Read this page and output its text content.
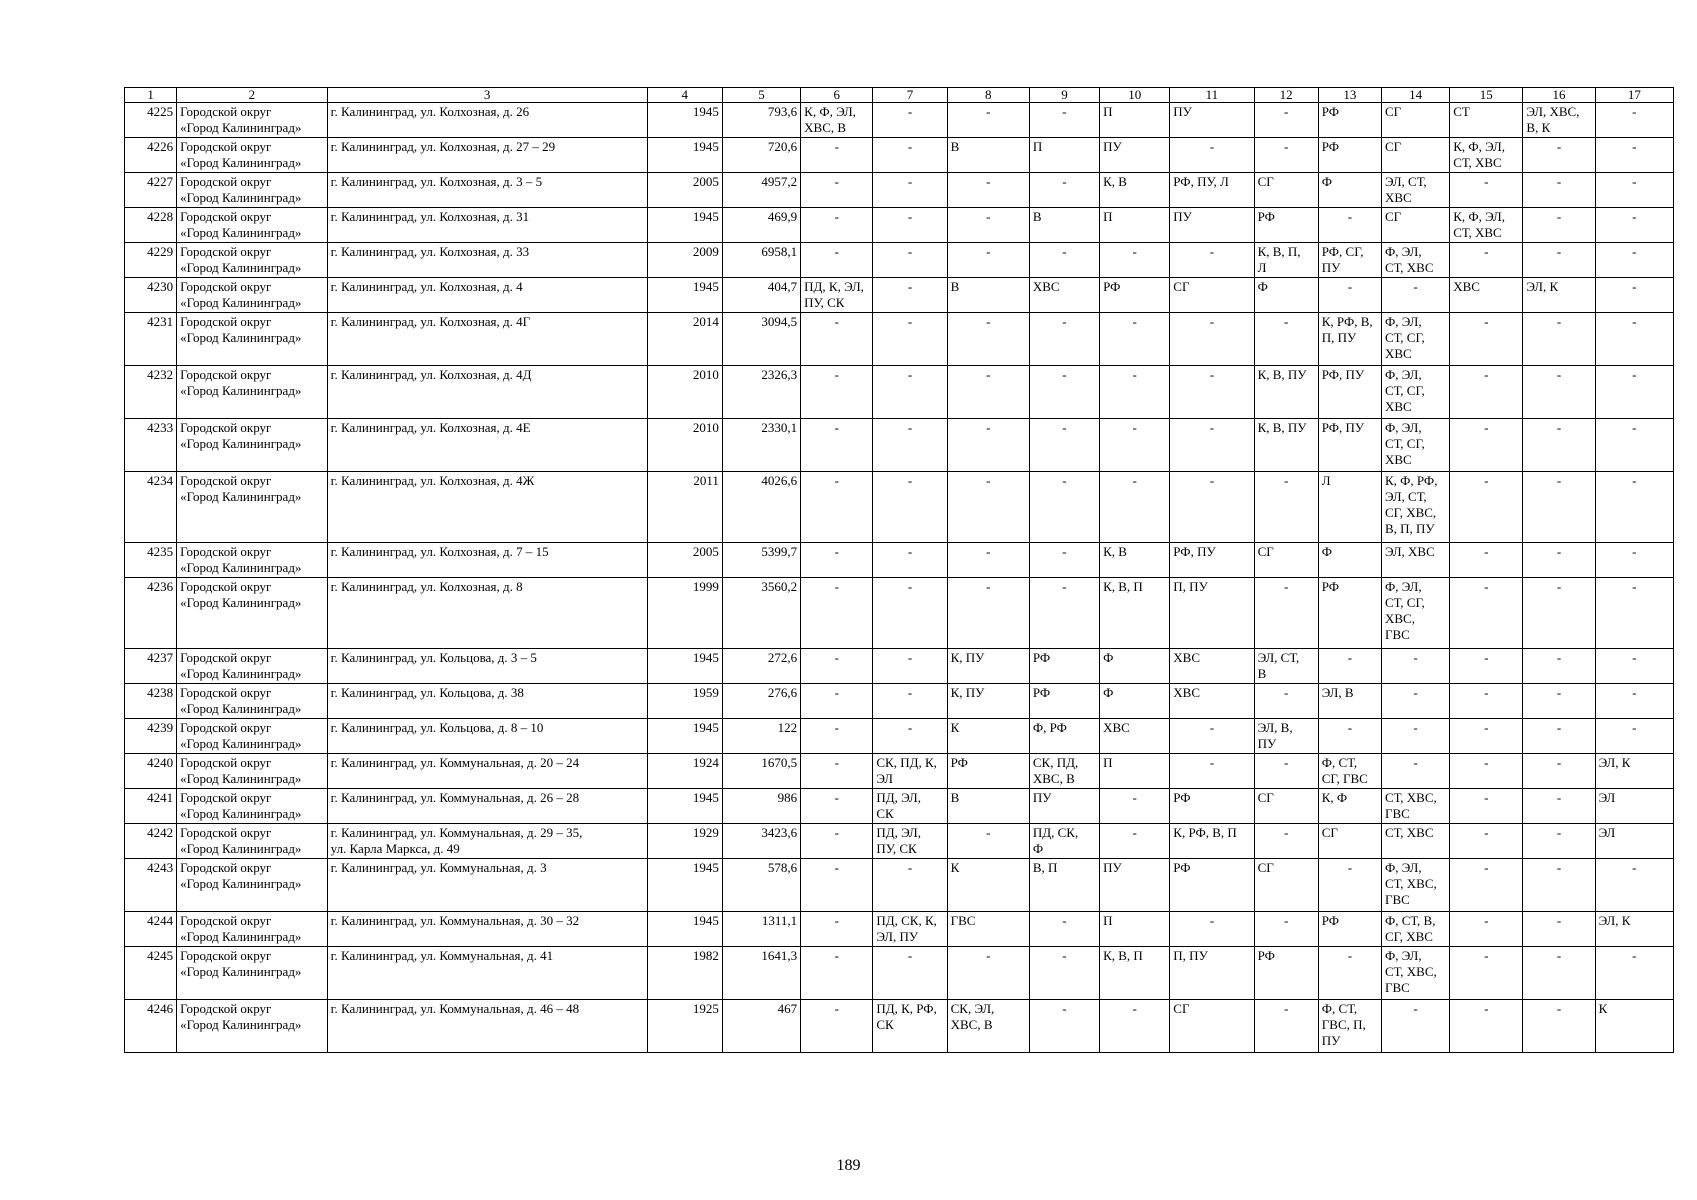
1	2	3	4	5	6	7	8	9	10	11	12	13	14	15	16	17
4225	Городской округ
«Город Калининград»	г. Калининград, ул. Колхозная, д. 26	1945	793,6	К, Ф, ЭЛ,
ХВС, В	-	-	-	П	ПУ	-	РФ	СГ	СТ	ЭЛ, ХВС,
В, К	-
4226	Городской округ
«Город Калининград»	г. Калининград, ул. Колхозная, д. 27 – 29	1945	720,6	-	-	В	П	ПУ	-	-	РФ	СГ	К, Ф, ЭЛ,
СТ, ХВС	-	-
4227	Городской округ
«Город Калининград»	г. Калининград, ул. Колхозная, д. 3 – 5	2005	4957,2	-	-	-	-	К, В	РФ, ПУ, Л	СГ	Ф	ЭЛ, СТ,
ХВС	-	-	-
4228	Городской округ
«Город Калининград»	г. Калининград, ул. Колхозная, д. 31	1945	469,9	-	-	-	В	П	ПУ	РФ	-	СГ	К, Ф, ЭЛ,
СТ, ХВС	-	-
4229	Городской округ
«Город Калининград»	г. Калининград, ул. Колхозная, д. 33	2009	6958,1	-	-	-	-	-	-	К, В, П,
Л	РФ, СГ,
ПУ	Ф, ЭЛ,
СТ, ХВС	-	-	-
4230	Городской округ
«Город Калининград»	г. Калининград, ул. Колхозная, д. 4	1945	404,7	ПД, К, ЭЛ,
ПУ, СК	-	В	ХВС	РФ	СГ	Ф	-	-	ХВС	ЭЛ, К	-
4231	Городской округ
«Город Калининград»	г. Калининград, ул. Колхозная, д. 4Г	2014	3094,5	-	-	-	-	-	-	-	К, РФ, В,
П, ПУ	Ф, ЭЛ,
СТ, СГ,
ХВС	-	-	-
4232	Городской округ
«Город Калининград»	г. Калининград, ул. Колхозная, д. 4Д	2010	2326,3	-	-	-	-	-	-	К, В, ПУ	РФ, ПУ	Ф, ЭЛ,
СТ, СГ,
ХВС	-	-	-
4233	Городской округ
«Город Калининград»	г. Калининград, ул. Колхозная, д. 4Е	2010	2330,1	-	-	-	-	-	-	К, В, ПУ	РФ, ПУ	Ф, ЭЛ,
СТ, СГ,
ХВС	-	-	-
4234	Городской округ
«Город Калининград»	г. Калининград, ул. Колхозная, д. 4Ж	2011	4026,6	-	-	-	-	-	-	-	Л	К, Ф, РФ,
ЭЛ, СТ,
СГ, ХВС,
В, П, ПУ	-	-	-
4235	Городской округ
«Город Калининград»	г. Калининград, ул. Колхозная, д. 7 – 15	2005	5399,7	-	-	-	-	К, В	РФ, ПУ	СГ	Ф	ЭЛ, ХВС	-	-	-
4236	Городской округ
«Город Калининград»	г. Калининград, ул. Колхозная, д. 8	1999	3560,2	-	-	-	-	К, В, П	П, ПУ	-	РФ	Ф, ЭЛ,
СТ, СГ,
ХВС,
ГВС	-	-	-
4237	Городской округ
«Город Калининград»	г. Калининград, ул. Кольцова, д. 3 – 5	1945	272,6	-	-	К, ПУ	РФ	Ф	ХВС	ЭЛ, СТ,
В	-	-	-	-	-
4238	Городской округ
«Город Калининград»	г. Калининград, ул. Кольцова, д. 38	1959	276,6	-	-	К, ПУ	РФ	Ф	ХВС	-	ЭЛ, В	-	-	-	-
4239	Городской округ
«Город Калининград»	г. Калининград, ул. Кольцова, д. 8 – 10	1945	122	-	-	К	Ф, РФ	ХВС	-	ЭЛ, В,
ПУ	-	-	-	-	-
4240	Городской округ
«Город Калининград»	г. Калининград, ул. Коммунальная, д. 20 – 24	1924	1670,5	-	СК, ПД, К,
ЭЛ	РФ	СК, ПД,
ХВС, В	П	-	-	Ф, СТ,
СГ, ГВС	-	-	-	ЭЛ, К
4241	Городской округ
«Город Калининград»	г. Калининград, ул. Коммунальная, д. 26 – 28	1945	986	-	ПД, ЭЛ,
СК	В	ПУ	-	РФ	СГ	К, Ф	СТ, ХВС,
ГВС	-	-	ЭЛ
4242	Городской округ
«Город Калининград»	г. Калининград, ул. Коммунальная, д. 29 – 35,
ул. Карла Маркса, д. 49	1929	3423,6	-	ПД, ЭЛ,
ПУ, СК	-	ПД, СК,
Ф	-	К, РФ, В, П	-	СГ	СТ, ХВС	-	-	ЭЛ
4243	Городской округ
«Город Калининград»	г. Калининград, ул. Коммунальная, д. 3	1945	578,6	-	-	К	В, П	ПУ	РФ	СГ	-	Ф, ЭЛ,
СТ, ХВС,
ГВС	-	-	-
4244	Городской округ
«Город Калининград»	г. Калининград, ул. Коммунальная, д. 30 – 32	1945	1311,1	-	ПД, СК, К,
ЭЛ, ПУ	ГВС	-	П	-	-	РФ	Ф, СТ, В,
СГ, ХВС	-	-	ЭЛ, К
4245	Городской округ
«Город Калининград»	г. Калининград, ул. Коммунальная, д. 41	1982	1641,3	-	-	-	-	К, В, П	П, ПУ	РФ	-	Ф, ЭЛ,
СТ, ХВС,
ГВС	-	-	-
4246	Городской округ
«Город Калининград»	г. Калининград, ул. Коммунальная, д. 46 – 48	1925	467	-	ПД, К, РФ,
СК	СК, ЭЛ,
ХВС, В	-	-	СГ	-	Ф, СТ,
ГВС, П,
ПУ	-	-	-	К
189
